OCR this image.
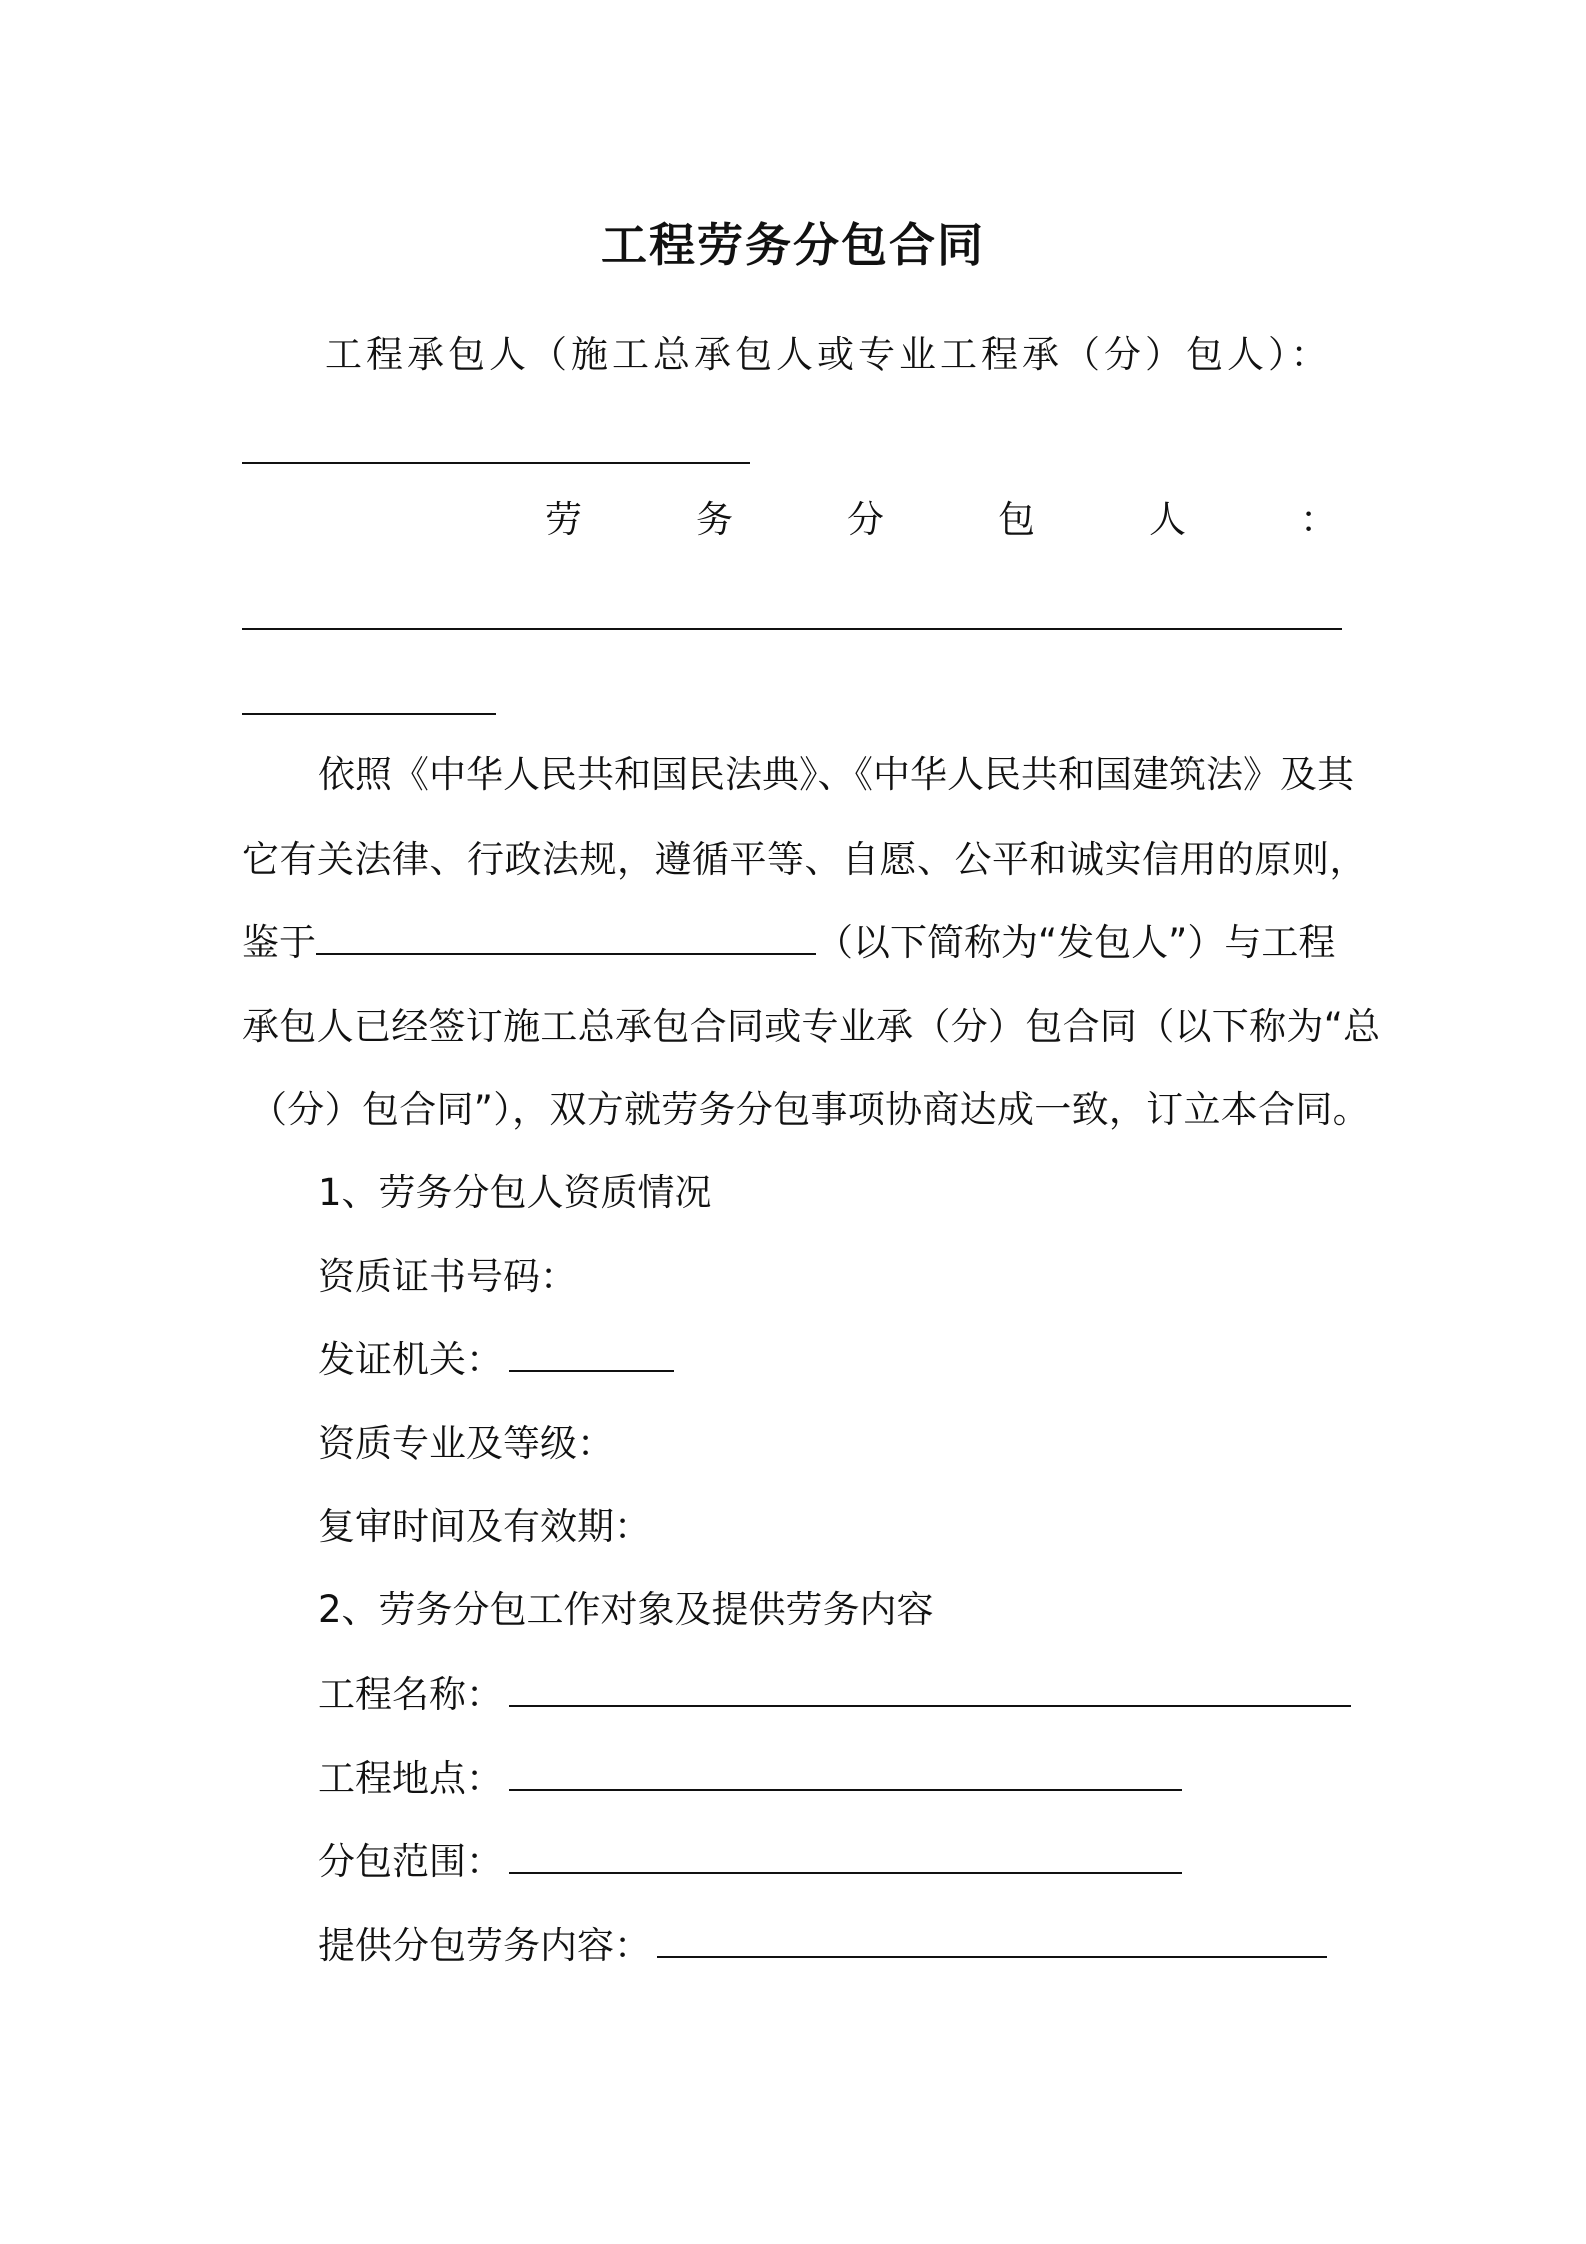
工程劳务分包合同
工程承包人（施工总承包人或专业工程承（分）包人）：
劳	务	分	包	人	：
依照《中华人民共和国民法典》、《中华人民共和国建筑法》及其
它有关法律、行政法规，遵循平等、自愿、公平和诚实信用的原则，
鉴于	（以下简称为“发包人”）与工程
承包人已经签订施工总承包合同或专业承（分）包合同（以下称为“总
（分）包合同”），双方就劳务分包事项协商达成一致，订立本合同。
1、劳务分包人资质情况
资质证书号码：
发证机关：
资质专业及等级：
复审时间及有效期：
2、劳务分包工作对象及提供劳务内容
工程名称：
工程地点：
分包范围：
提供分包劳务内容：
